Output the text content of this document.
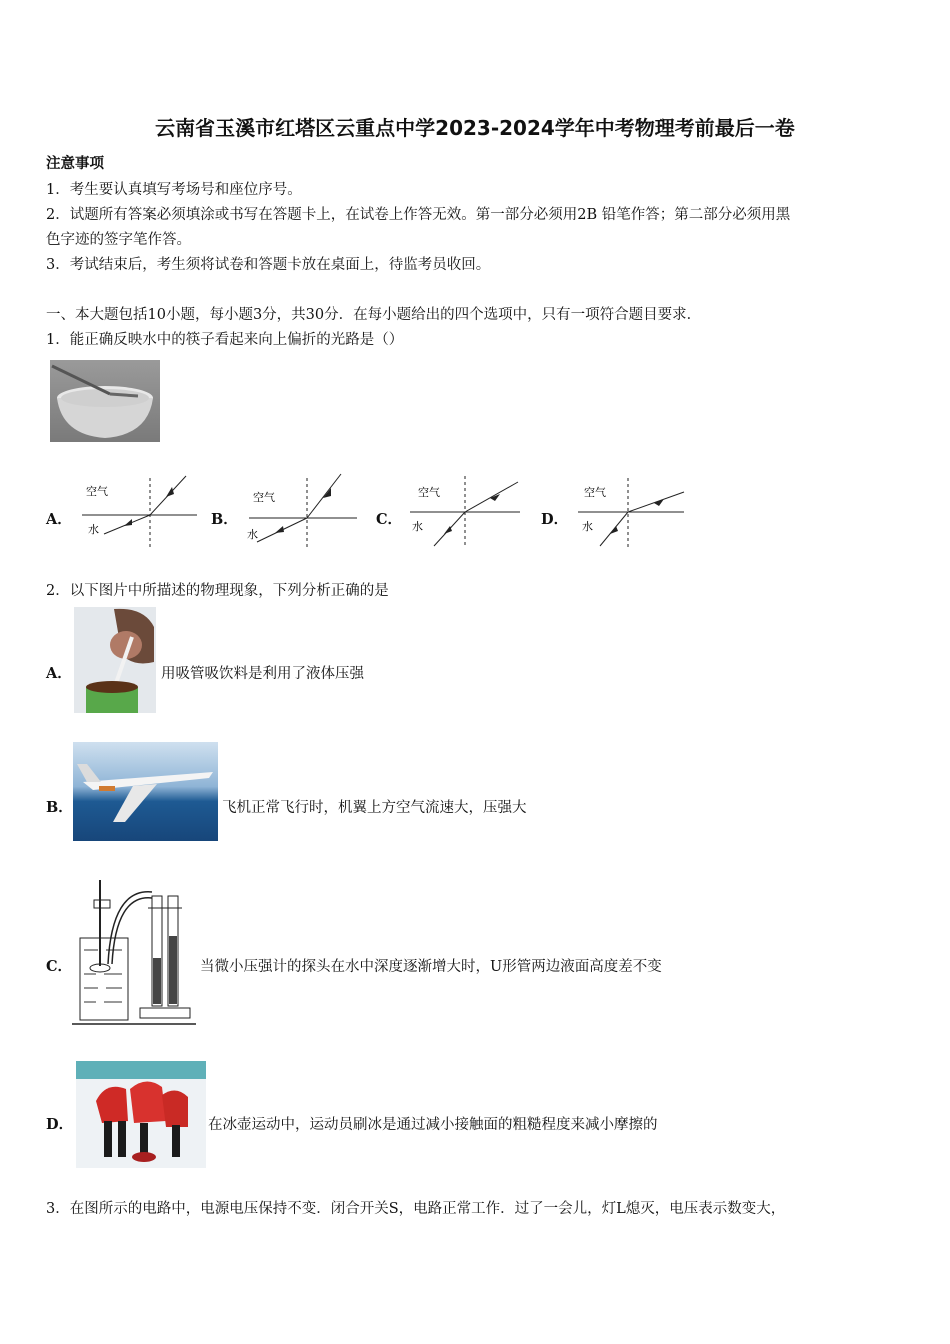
云南省玉溪市红塔区云重点中学2023-2024学年中考物理考前最后一卷
注意事项
1．考生要认真填写考场号和座位序号。
2．试题所有答案必须填涂或书写在答题卡上，在试卷上作答无效。第一部分必须用2B 铅笔作答；第二部分必须用黑
色字迹的签字笔作答。
3．考试结束后，考生须将试卷和答题卡放在桌面上，待监考员收回。
一、本大题包括10小题，每小题3分，共30分．在每小题给出的四个选项中，只有一项符合题目要求．
1．能正确反映水中的筷子看起来向上偏折的光路是（）
A．	B．	C．	D．
空气
水
空气
水
空气
水
空气
水
2．以下图片中所描述的物理现象，下列分析正确的是
A．	用吸管吸饮料是利用了液体压强
B．	飞机正常飞行时，机翼上方空气流速大，压强大
C．	当微小压强计的探头在水中深度逐渐增大时，U形管两边液面高度差不变
D．	在冰壶运动中，运动员刷冰是通过减小接触面的粗糙程度来减小摩擦的
3．在图所示的电路中，电源电压保持不变．闭合开关S，电路正常工作．过了一会儿，灯L熄灭，电压表示数变大，
